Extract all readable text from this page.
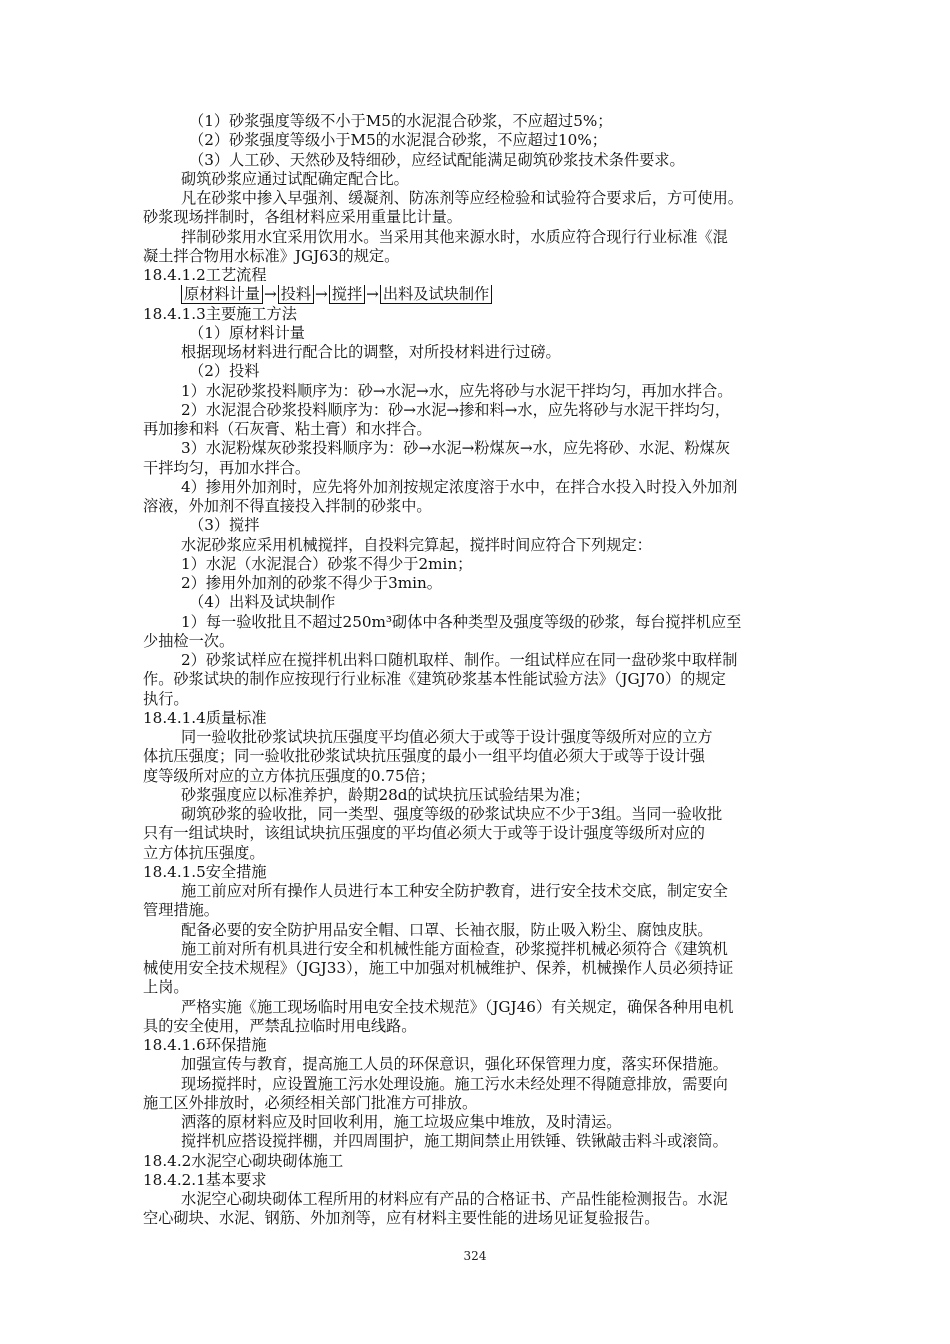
（1）砂浆强度等级不小于M5的水泥混合砂浆，不应超过5%；

（2）砂浆强度等级小于M5的水泥混合砂浆，不应超过10%；

（3）人工砂、天然砂及特细砂，应经试配能满足砌筑砂浆技术条件要求。

砌筑砂浆应通过试配确定配合比。

凡在砂浆中掺入早强剂、缓凝剂、防冻剂等应经检验和试验符合要求后，方可使用。

砂浆现场拌制时，各组材料应采用重量比计量。

拌制砂浆用水宜采用饮用水。当采用其他来源水时，水质应符合现行行业标准《混

凝土拌合物用水标准》JGJ63的规定。

18.4.1.2工艺流程

原材料计量 → 投料 → 搅拌 → 出料及试块制作

18.4.1.3主要施工方法

（1）原材料计量

根据现场材料进行配合比的调整，对所投材料进行过磅。

（2）投料

1）水泥砂浆投料顺序为：砂→水泥→水，应先将砂与水泥干拌均匀，再加水拌合。

2）水泥混合砂浆投料顺序为：砂→水泥→掺和料→水，应先将砂与水泥干拌均匀，

再加掺和料（石灰膏、粘土膏）和水拌合。

3）水泥粉煤灰砂浆投料顺序为：砂→水泥→粉煤灰→水，应先将砂、水泥、粉煤灰

干拌均匀，再加水拌合。

4）掺用外加剂时，应先将外加剂按规定浓度溶于水中，在拌合水投入时投入外加剂

溶液，外加剂不得直接投入拌制的砂浆中。

（3）搅拌

水泥砂浆应采用机械搅拌，自投料完算起，搅拌时间应符合下列规定：

1）水泥（水泥混合）砂浆不得少于2min；

2）掺用外加剂的砂浆不得少于3min。

（4）出料及试块制作

1）每一验收批且不超过250m³砌体中各种类型及强度等级的砂浆，每台搅拌机应至

少抽检一次。

2）砂浆试样应在搅拌机出料口随机取样、制作。一组试样应在同一盘砂浆中取样制

作。砂浆试块的制作应按现行行业标准《建筑砂浆基本性能试验方法》（JGJ70）的规定

执行。

18.4.1.4质量标准

同一验收批砂浆试块抗压强度平均值必须大于或等于设计强度等级所对应的立方

体抗压强度；同一验收批砂浆试块抗压强度的最小一组平均值必须大于或等于设计强

度等级所对应的立方体抗压强度的0.75倍；

砂浆强度应以标准养护，龄期28d的试块抗压试验结果为准；

砌筑砂浆的验收批，同一类型、强度等级的砂浆试块应不少于3组。当同一验收批

只有一组试块时，该组试块抗压强度的平均值必须大于或等于设计强度等级所对应的

立方体抗压强度。

18.4.1.5安全措施

施工前应对所有操作人员进行本工种安全防护教育，进行安全技术交底，制定安全

管理措施。

配备必要的安全防护用品安全帽、口罩、长袖衣服，防止吸入粉尘、腐蚀皮肤。

施工前对所有机具进行安全和机械性能方面检查，砂浆搅拌机械必须符合《建筑机

械使用安全技术规程》（JGJ33），施工中加强对机械维护、保养，机械操作人员必须持证

上岗。

严格实施《施工现场临时用电安全技术规范》（JGJ46）有关规定，确保各种用电机

具的安全使用，严禁乱拉临时用电线路。

18.4.1.6环保措施

加强宣传与教育，提高施工人员的环保意识，强化环保管理力度，落实环保措施。

现场搅拌时，应设置施工污水处理设施。施工污水未经处理不得随意排放，需要向

施工区外排放时，必须经相关部门批准方可排放。

洒落的原材料应及时回收利用，施工垃圾应集中堆放，及时清运。

搅拌机应搭设搅拌棚，并四周围护，施工期间禁止用铁锤、铁锹敲击料斗或滚筒。

18.4.2水泥空心砌块砌体施工

18.4.2.1基本要求

水泥空心砌块砌体工程所用的材料应有产品的合格证书、产品性能检测报告。水泥

空心砌块、水泥、钢筋、外加剂等，应有材料主要性能的进场见证复验报告。

324
